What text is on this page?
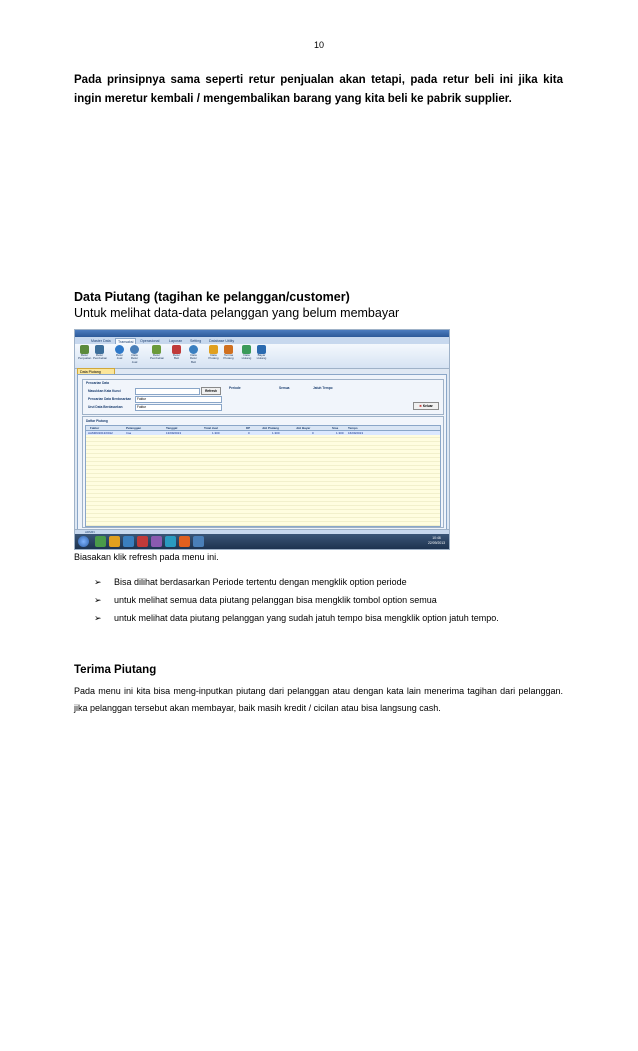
10
Pada prinsipnya sama seperti retur penjualan akan tetapi, pada retur beli ini jika kita ingin meretur kembali / mengembalikan barang yang kita beli ke pabrik supplier.
Data Piutang (tagihan ke pelanggan/customer)
Untuk melihat data-data pelanggan yang belum membayar
Master Data	Transaksi	Operasional	Laporan	Setting	Database Utility
Retur Penjualan
Retur Pembelian
Retur Jual
Data Retur Jual
Retur Pembelian
Retur Beli
Data Retur Beli
Data Piutang
Terima Piutang
Data Hutang
Bayar Hutang
Data Piutang
Pencarian Data
Masukkan Kata Kunci	Refresh
Periode	Semua	Jatuh Tempo
Pencarian Data Berdasarkan	Faktur
Urut Data Berdasarkan	Faktur	✖ Keluar
Daftar Piutang
Faktur	Pelanggan	Tanggal	Total Jual	DP	Jml Piutang	Jml Bayar	Sisa	Tempo
AAM09/2013/0012	Ima	13/09/2013	1.300	0	1.300	0	1.300 16/09/2013
ADMIN
10:46
22/09/2013
Biasakan klik refresh pada menu ini.
➢ Bisa dilihat berdasarkan Periode tertentu dengan mengklik option periode
➢ untuk melihat semua data piutang pelanggan bisa mengklik tombol option semua
➢ untuk melihat data piutang pelanggan yang sudah jatuh tempo bisa mengklik option jatuh tempo.
Terima Piutang
Pada menu ini kita bisa meng-inputkan piutang dari pelanggan atau dengan kata lain menerima tagihan dari pelanggan. jika pelanggan tersebut akan membayar, baik masih kredit / cicilan atau bisa langsung cash.
